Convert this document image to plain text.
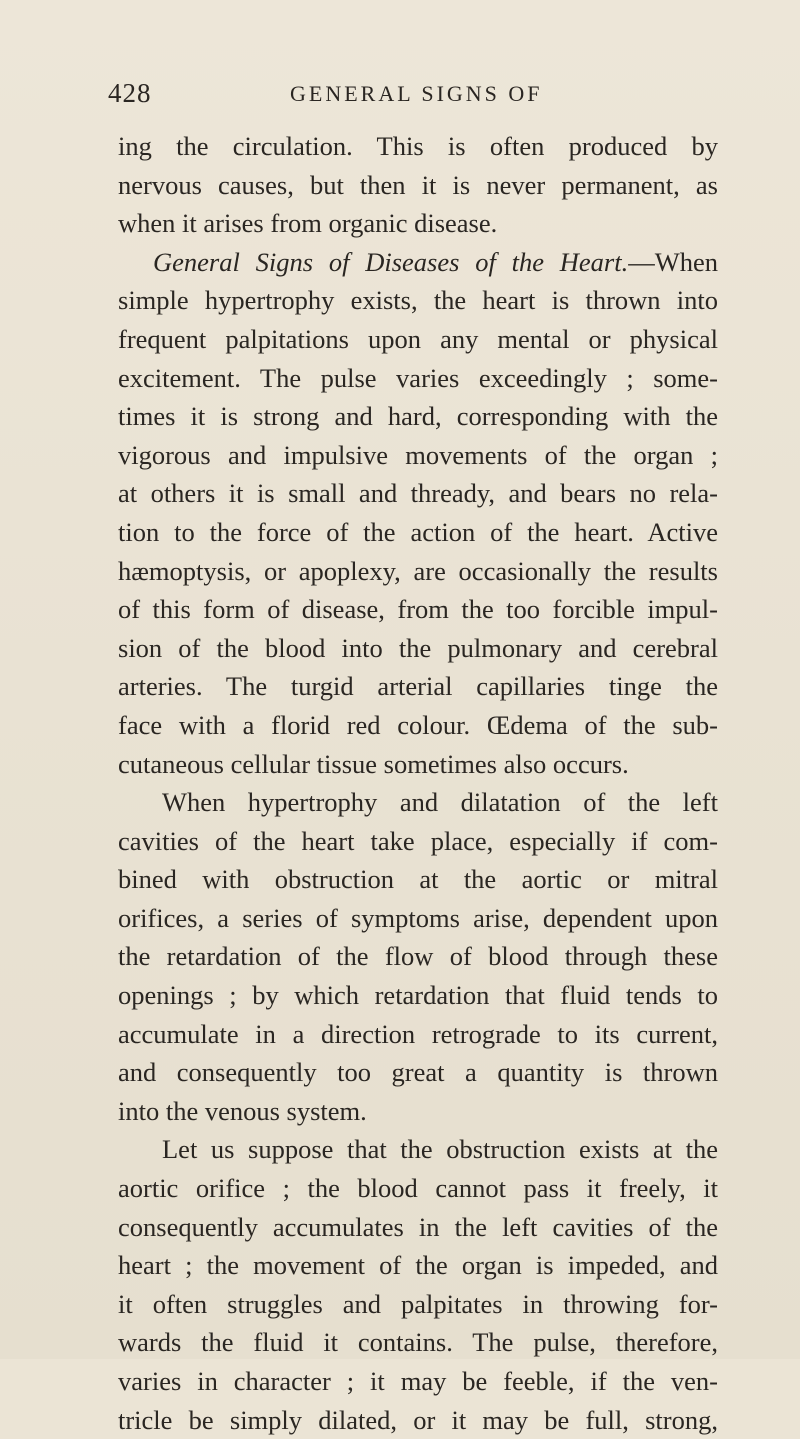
428	GENERAL SIGNS OF
ing the circulation. This is often produced by
nervous causes, but then it is never permanent, as
when it arises from organic disease.
General Signs of Diseases of the Heart.—When
simple hypertrophy exists, the heart is thrown into
frequent palpitations upon any mental or physical
excitement. The pulse varies exceedingly ; some-
times it is strong and hard, corresponding with the
vigorous and impulsive movements of the organ ;
at others it is small and thready, and bears no rela-
tion to the force of the action of the heart. Active
hæmoptysis, or apoplexy, are occasionally the results
of this form of disease, from the too forcible impul-
sion of the blood into the pulmonary and cerebral
arteries. The turgid arterial capillaries tinge the
face with a florid red colour. Œdema of the sub-
cutaneous cellular tissue sometimes also occurs.
When hypertrophy and dilatation of the left
cavities of the heart take place, especially if com-
bined with obstruction at the aortic or mitral
orifices, a series of symptoms arise, dependent upon
the retardation of the flow of blood through these
openings ; by which retardation that fluid tends to
accumulate in a direction retrograde to its current,
and consequently too great a quantity is thrown
into the venous system.
Let us suppose that the obstruction exists at the
aortic orifice ; the blood cannot pass it freely, it
consequently accumulates in the left cavities of the
heart ; the movement of the organ is impeded, and
it often struggles and palpitates in throwing for-
wards the fluid it contains. The pulse, therefore,
varies in character ; it may be feeble, if the ven-
tricle be simply dilated, or it may be full, strong,
